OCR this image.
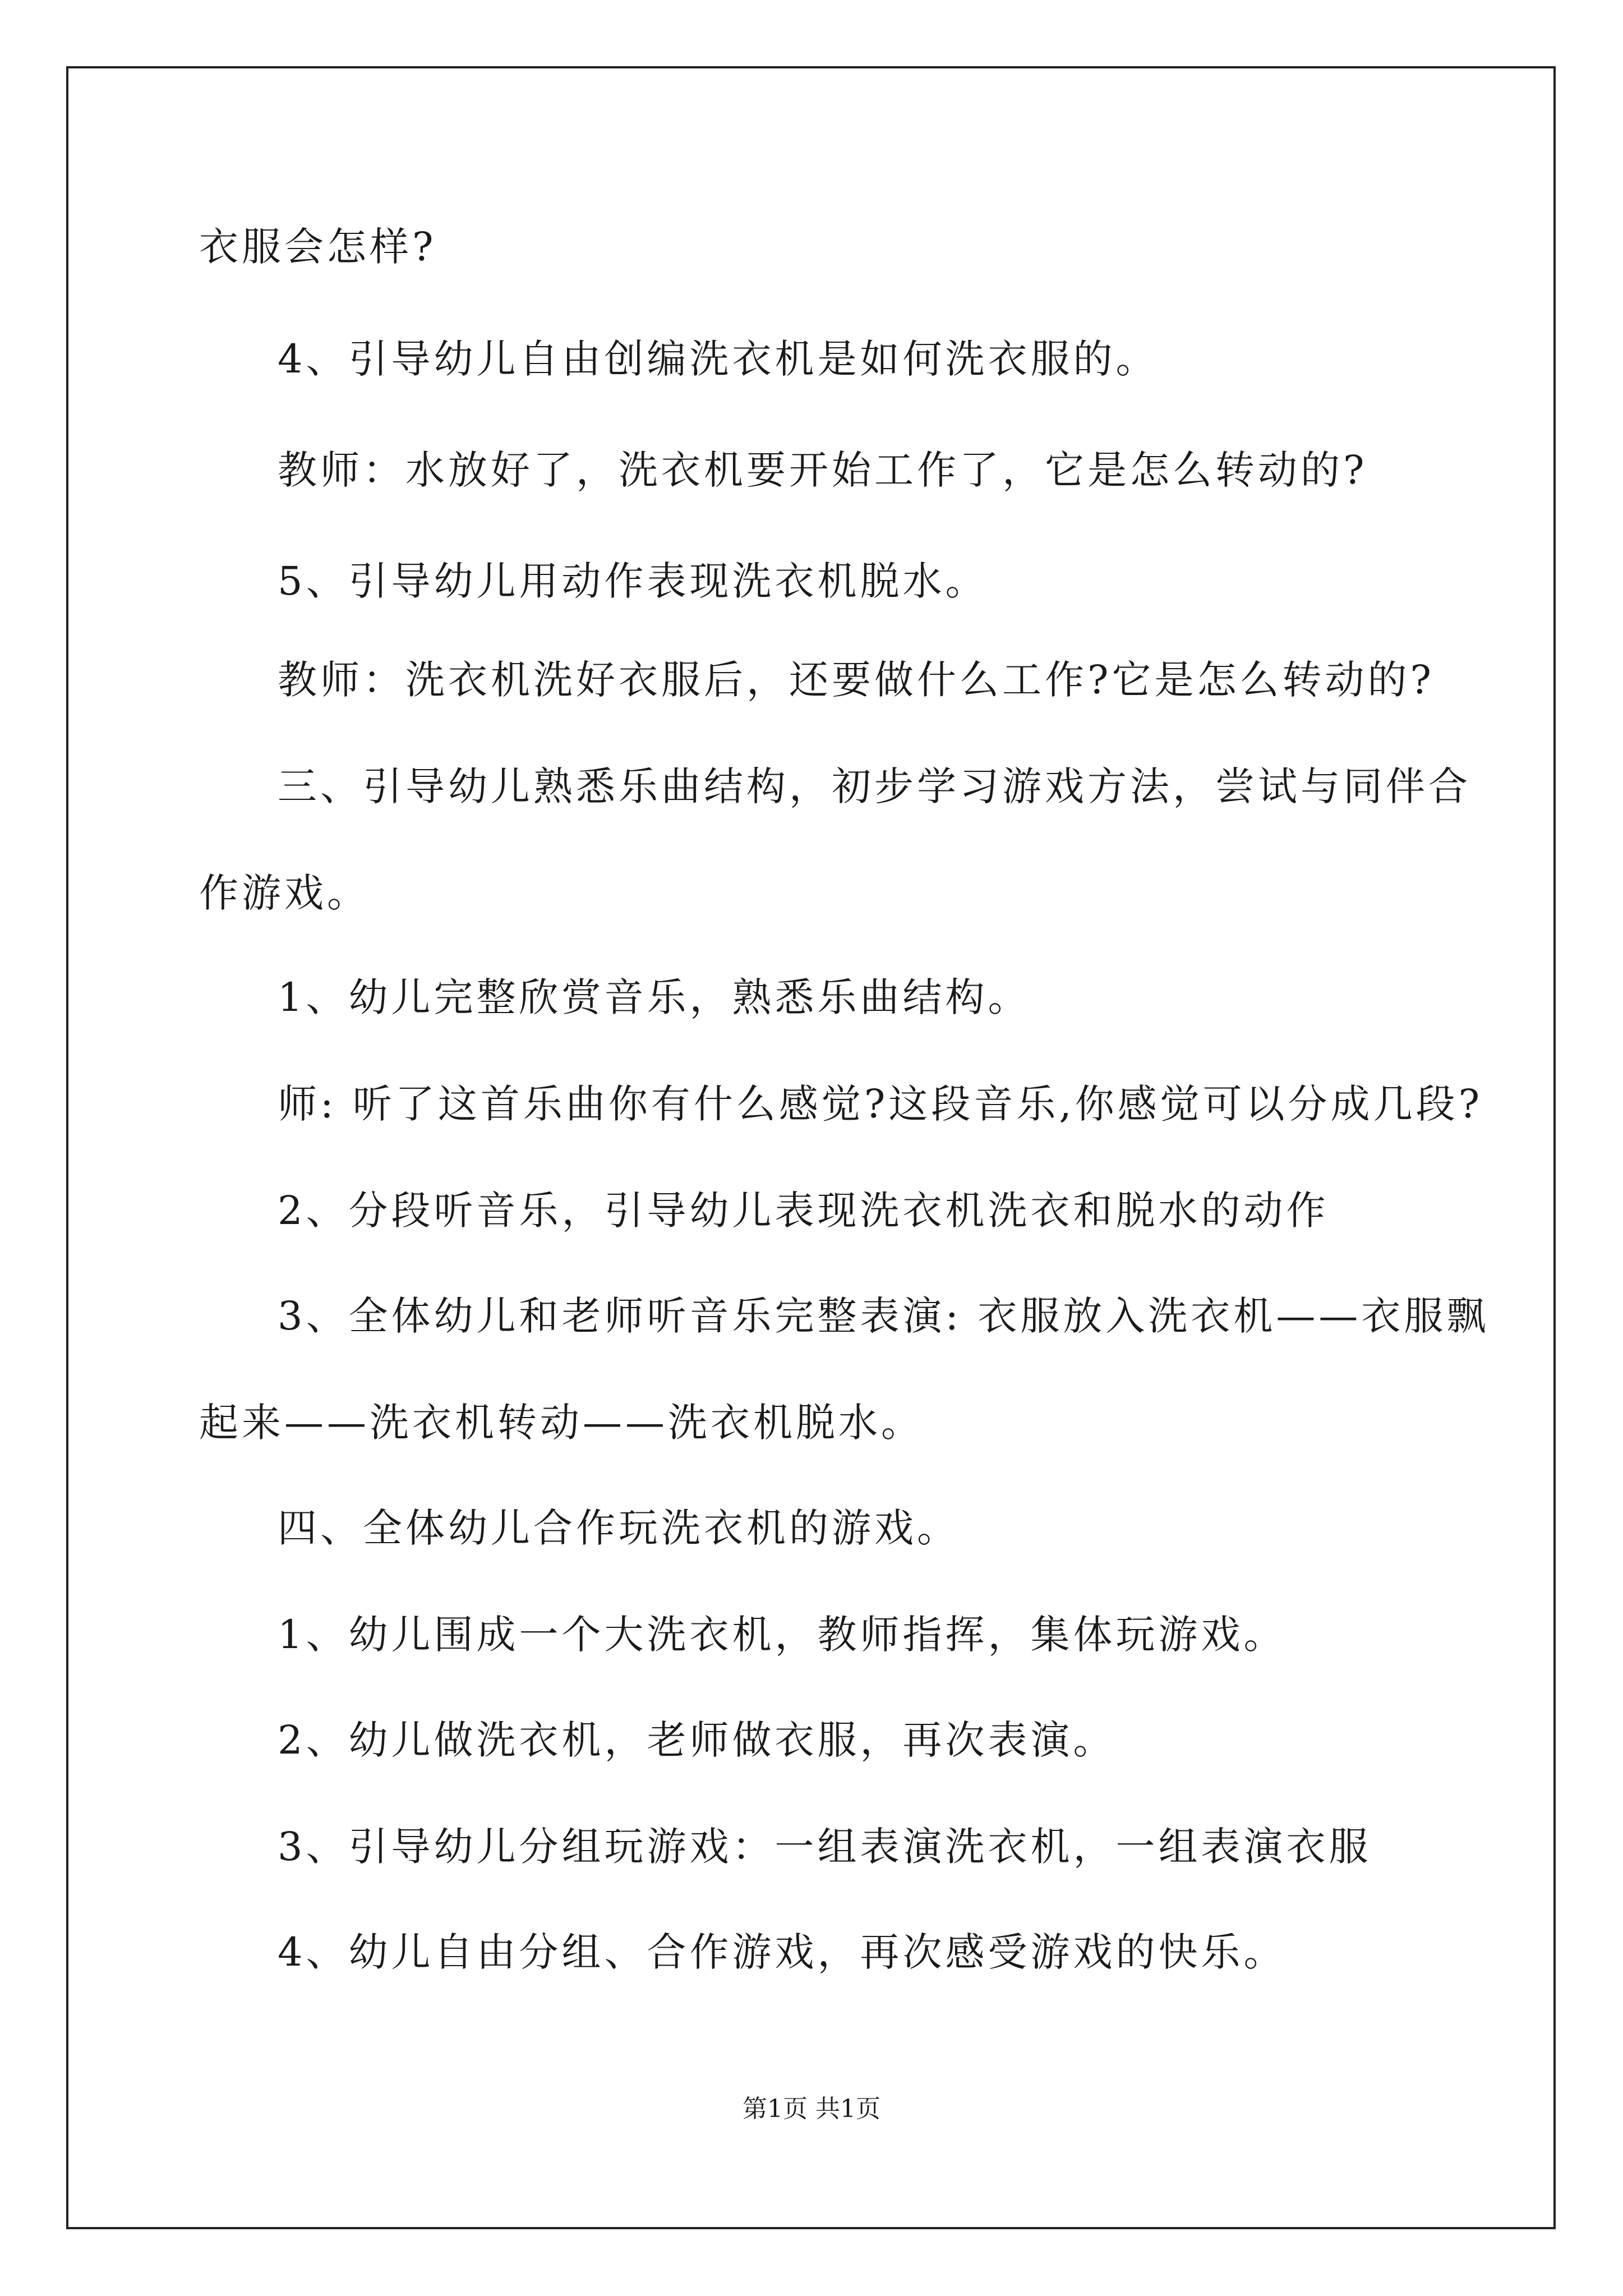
衣服会怎样?
4、引导幼儿自由创编洗衣机是如何洗衣服的。
教师：水放好了，洗衣机要开始工作了，它是怎么转动的?
5、引导幼儿用动作表现洗衣机脱水。
教师：洗衣机洗好衣服后，还要做什么工作?它是怎么转动的?
三、引导幼儿熟悉乐曲结构，初步学习游戏方法，尝试与同伴合
作游戏。
1、幼儿完整欣赏音乐，熟悉乐曲结构。
师: 听了这首乐曲你有什么感觉?这段音乐,你感觉可以分成几段?
2、分段听音乐，引导幼儿表现洗衣机洗衣和脱水的动作
3、全体幼儿和老师听音乐完整表演: 衣服放入洗衣机——衣服飘
起来——洗衣机转动——洗衣机脱水。
四、全体幼儿合作玩洗衣机的游戏。
1、幼儿围成一个大洗衣机，教师指挥，集体玩游戏。
2、幼儿做洗衣机，老师做衣服，再次表演。
3、引导幼儿分组玩游戏：一组表演洗衣机，一组表演衣服
4、幼儿自由分组、合作游戏，再次感受游戏的快乐。
第1页 共1页
